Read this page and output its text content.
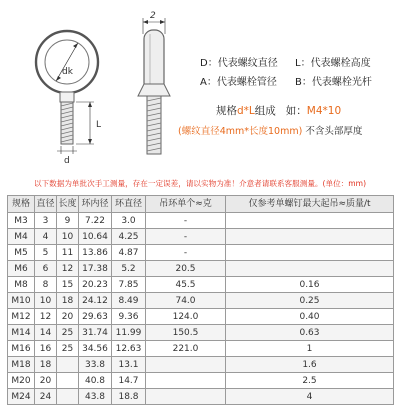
dk
L
d
2
D：代表螺纹直径	L：代表螺栓高度
A：代表螺栓管径	B：代表螺栓光杆
规格d*L组成 如：M4*10
(螺纹直径4mm*长度10mm) 不含头部厚度
以下数据为单批次手工测量，存在一定误差，请以实物为准！介意者请联系客服测量。(单位：mm)
规格	直径	长度	环内径	环直径	吊环单个≈克	仅参考单螺钉最大起吊≈质量/t
M3	3	9	7.22	3.0	-	
M4	4	10	10.64	4.25	-	
M5	5	11	13.86	4.87	-	
M6	6	12	17.38	5.2	20.5	
M8	8	15	20.23	7.85	45.5	0.16
M10	10	18	24.12	8.49	74.0	0.25
M12	12	20	29.63	9.36	124.0	0.40
M14	14	25	31.74	11.99	150.5	0.63
M16	16	25	34.56	12.63	221.0	1
M18	18		33.8	13.1		1.6
M20	20		40.8	14.7		2.5
M24	24		43.8	18.8		4
